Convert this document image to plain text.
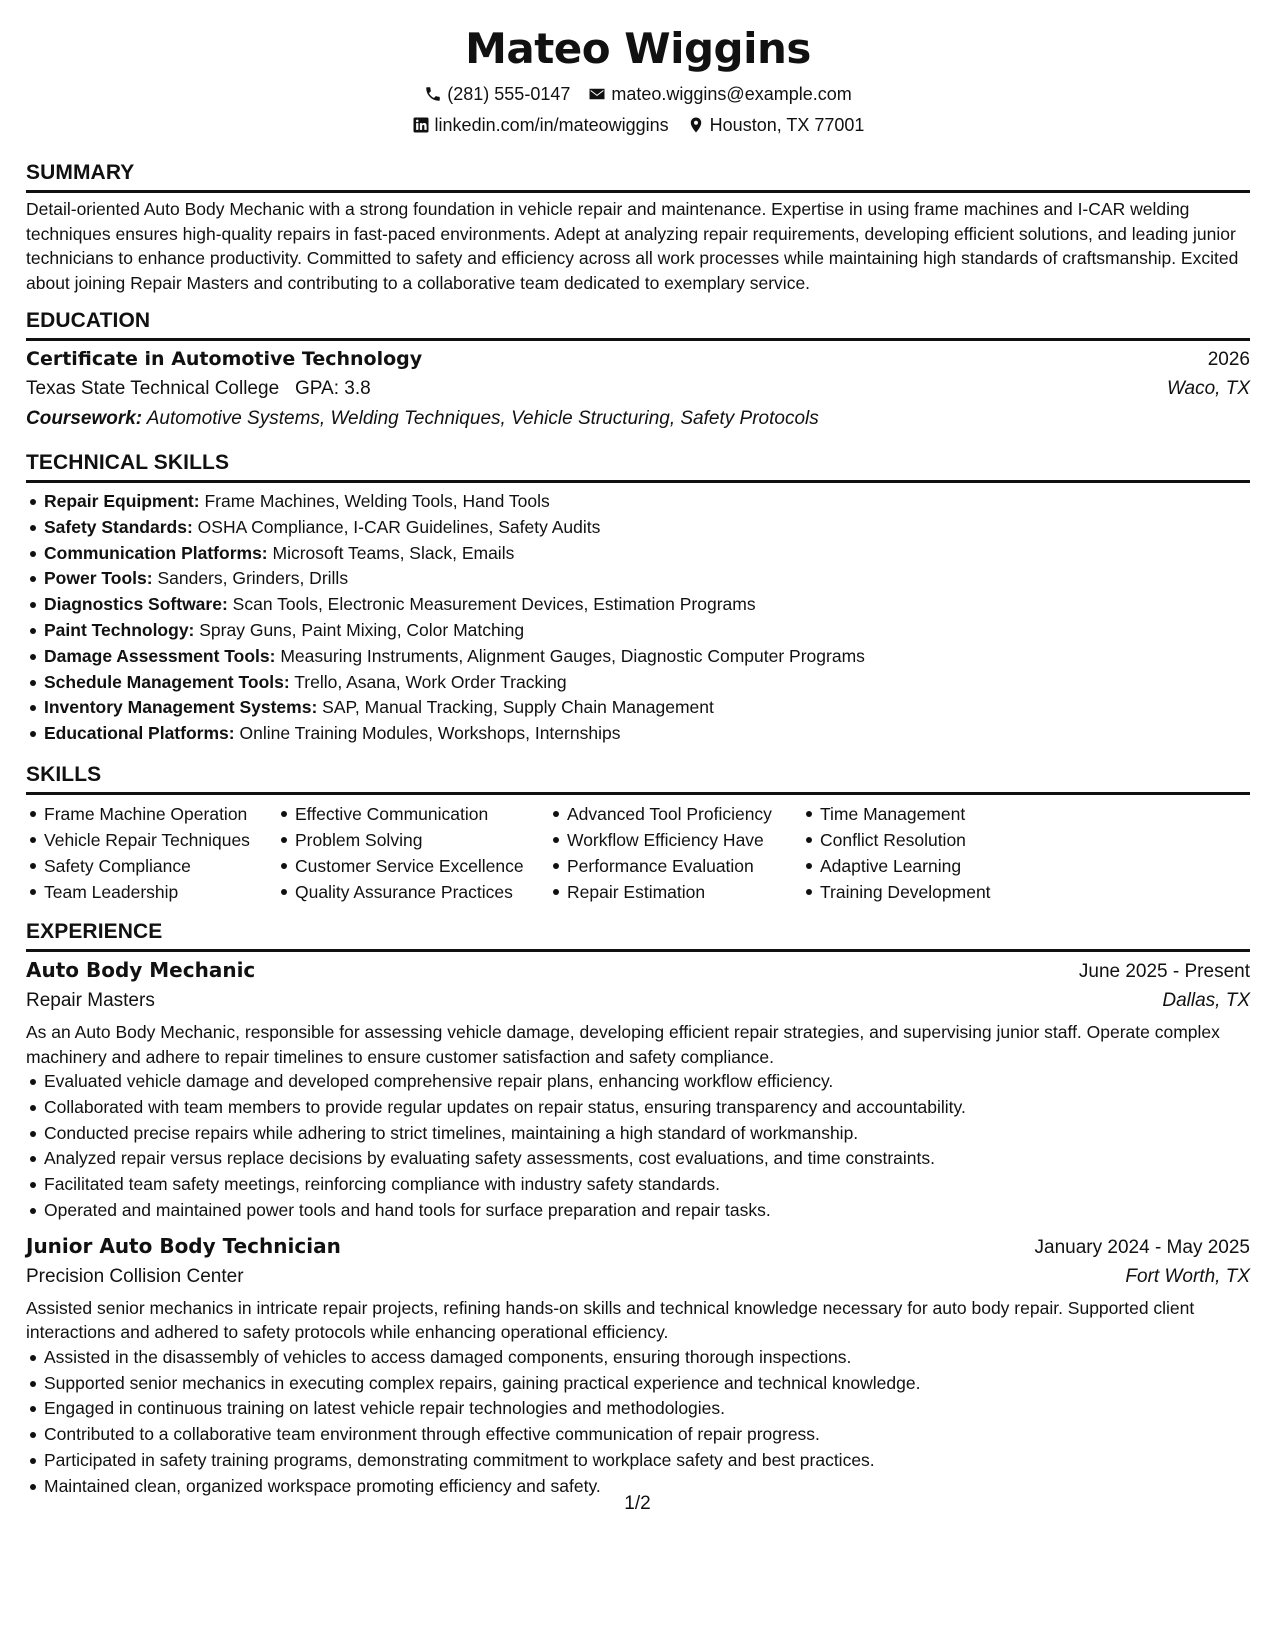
Mateo Wiggins
(281) 555-0147 mateo.wiggins@example.com
linkedin.com/in/mateowiggins Houston, TX 77001
SUMMARY

Detail-oriented Auto Body Mechanic with a strong foundation in vehicle repair and maintenance. Expertise in using frame machines and I-CAR welding techniques ensures high-quality repairs in fast-paced environments. Adept at analyzing repair requirements, developing efficient solutions, and leading junior technicians to enhance productivity. Committed to safety and efficiency across all work processes while maintaining high standards of craftsmanship. Excited about joining Repair Masters and contributing to a collaborative team dedicated to exemplary service.

EDUCATION
Certificate in Automotive Technology	2026
Texas State Technical College GPA: 3.8	Waco, TX
Coursework: Automotive Systems, Welding Techniques, Vehicle Structuring, Safety Protocols
TECHNICAL SKILLS
Repair Equipment: Frame Machines, Welding Tools, Hand Tools
Safety Standards: OSHA Compliance, I-CAR Guidelines, Safety Audits
Communication Platforms: Microsoft Teams, Slack, Emails
Power Tools: Sanders, Grinders, Drills
Diagnostics Software: Scan Tools, Electronic Measurement Devices, Estimation Programs
Paint Technology: Spray Guns, Paint Mixing, Color Matching
Damage Assessment Tools: Measuring Instruments, Alignment Gauges, Diagnostic Computer Programs
Schedule Management Tools: Trello, Asana, Work Order Tracking
Inventory Management Systems: SAP, Manual Tracking, Supply Chain Management
Educational Platforms: Online Training Modules, Workshops, Internships
SKILLS
Frame Machine Operation
Vehicle Repair Techniques
Safety Compliance
Team Leadership
Effective Communication
Problem Solving
Customer Service Excellence
Quality Assurance Practices
Advanced Tool Proficiency
Workflow Efficiency Have
Performance Evaluation
Repair Estimation
Time Management
Conflict Resolution
Adaptive Learning
Training Development
EXPERIENCE
Auto Body Mechanic	June 2025 - Present
Repair Masters	Dallas, TX

As an Auto Body Mechanic, responsible for assessing vehicle damage, developing efficient repair strategies, and supervising junior staff. Operate complex machinery and adhere to repair timelines to ensure customer satisfaction and safety compliance.

Evaluated vehicle damage and developed comprehensive repair plans, enhancing workflow efficiency.
Collaborated with team members to provide regular updates on repair status, ensuring transparency and accountability.
Conducted precise repairs while adhering to strict timelines, maintaining a high standard of workmanship.
Analyzed repair versus replace decisions by evaluating safety assessments, cost evaluations, and time constraints.
Facilitated team safety meetings, reinforcing compliance with industry safety standards.
Operated and maintained power tools and hand tools for surface preparation and repair tasks.
Junior Auto Body Technician	January 2024 - May 2025
Precision Collision Center	Fort Worth, TX

Assisted senior mechanics in intricate repair projects, refining hands-on skills and technical knowledge necessary for auto body repair. Supported client interactions and adhered to safety protocols while enhancing operational efficiency.

Assisted in the disassembly of vehicles to access damaged components, ensuring thorough inspections.
Supported senior mechanics in executing complex repairs, gaining practical experience and technical knowledge.
Engaged in continuous training on latest vehicle repair technologies and methodologies.
Contributed to a collaborative team environment through effective communication of repair progress.
Participated in safety training programs, demonstrating commitment to workplace safety and best practices.
Maintained clean, organized workspace promoting efficiency and safety.
1/2
